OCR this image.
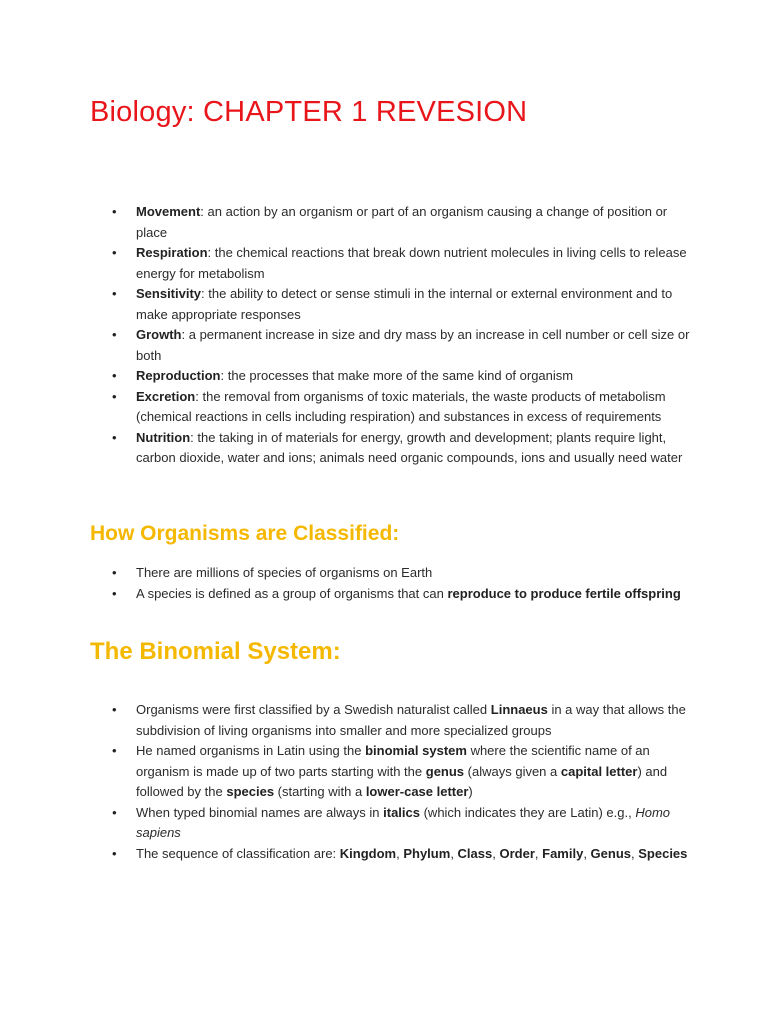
Biology: CHAPTER 1 REVESION
• Movement: an action by an organism or part of an organism causing a change of position or place
• Respiration: the chemical reactions that break down nutrient molecules in living cells to release energy for metabolism
• Sensitivity: the ability to detect or sense stimuli in the internal or external environment and to make appropriate responses
• Growth: a permanent increase in size and dry mass by an increase in cell number or cell size or both
• Reproduction: the processes that make more of the same kind of organism
• Excretion: the removal from organisms of toxic materials, the waste products of metabolism (chemical reactions in cells including respiration) and substances in excess of requirements
• Nutrition: the taking in of materials for energy, growth and development; plants require light, carbon dioxide, water and ions; animals need organic compounds, ions and usually need water
How Organisms are Classified:
• There are millions of species of organisms on Earth
• A species is defined as a group of organisms that can reproduce to produce fertile offspring
The Binomial System:
• Organisms were first classified by a Swedish naturalist called Linnaeus in a way that allows the subdivision of living organisms into smaller and more specialized groups
• He named organisms in Latin using the binomial system where the scientific name of an organism is made up of two parts starting with the genus (always given a capital letter) and followed by the species (starting with a lower-case letter)
• When typed binomial names are always in italics (which indicates they are Latin) e.g., Homo sapiens
• The sequence of classification are: Kingdom, Phylum, Class, Order, Family, Genus, Species
